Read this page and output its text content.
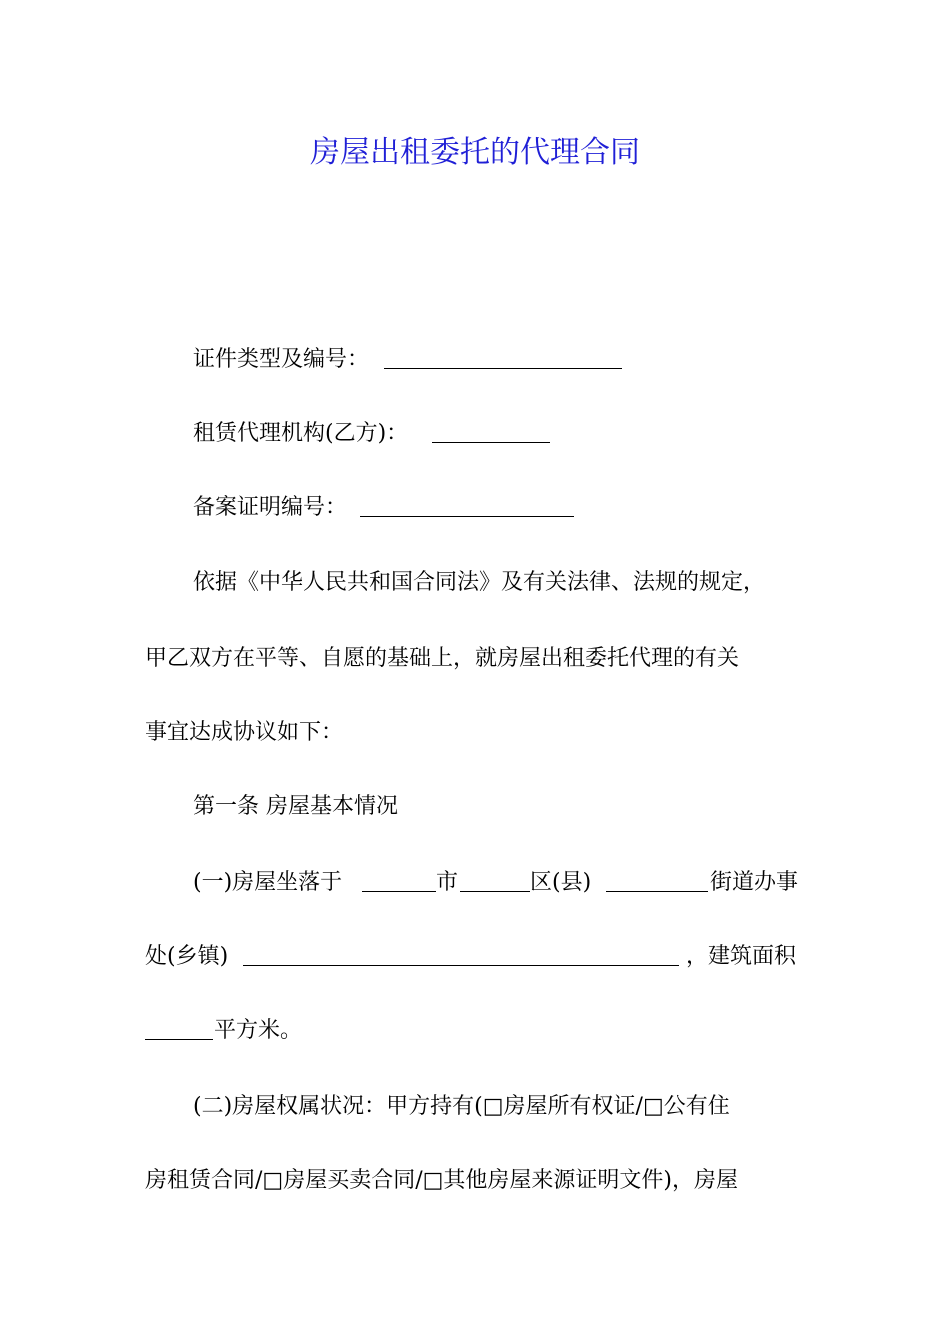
房屋出租委托的代理合同
证件类型及编号：
租赁代理机构(乙方)：
备案证明编号：
依据《中华人民共和国合同法》及有关法律、法规的规定，
甲乙双方在平等、自愿的基础上，就房屋出租委托代理的有关
事宜达成协议如下：
第一条 房屋基本情况
(一)房屋坐落于	市	区(县)	街道办事
处(乡镇)	，建筑面积
平方米。
(二)房屋权属状况：甲方持有(□房屋所有权证/□公有住
房租赁合同/□房屋买卖合同/□其他房屋来源证明文件)，房屋
